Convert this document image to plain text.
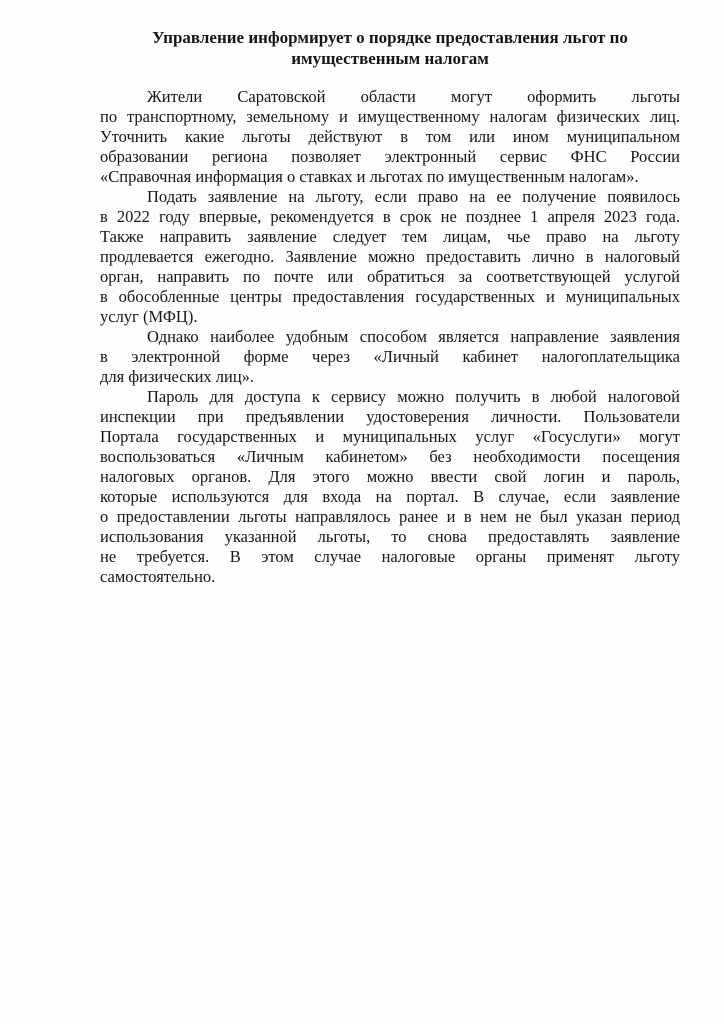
Управление информирует о порядке предоставления льгот по
имущественным налогам
Жители Саратовской области могут оформить льготы
по транспортному, земельному и имущественному налогам физических лиц.
Уточнить какие льготы действуют в том или ином муниципальном
образовании региона позволяет электронный сервис ФНС России
«Справочная информация о ставках и льготах по имущественным налогам».
Подать заявление на льготу, если право на ее получение появилось
в 2022 году впервые, рекомендуется в срок не позднее 1 апреля 2023 года.
Также направить заявление следует тем лицам, чье право на льготу
продлевается ежегодно. Заявление можно предоставить лично в налоговый
орган, направить по почте или обратиться за соответствующей услугой
в обособленные центры предоставления государственных и муниципальных
услуг (МФЦ).
Однако наиболее удобным способом является направление заявления
в электронной форме через «Личный кабинет налогоплательщика
для физических лиц».
Пароль для доступа к сервису можно получить в любой налоговой
инспекции при предъявлении удостоверения личности. Пользователи
Портала государственных и муниципальных услуг «Госуслуги» могут
воспользоваться «Личным кабинетом» без необходимости посещения
налоговых органов. Для этого можно ввести свой логин и пароль,
которые используются для входа на портал. В случае, если заявление
о предоставлении льготы направлялось ранее и в нем не был указан период
использования указанной льготы, то снова предоставлять заявление
не требуется. В этом случае налоговые органы применят льготу
самостоятельно.
